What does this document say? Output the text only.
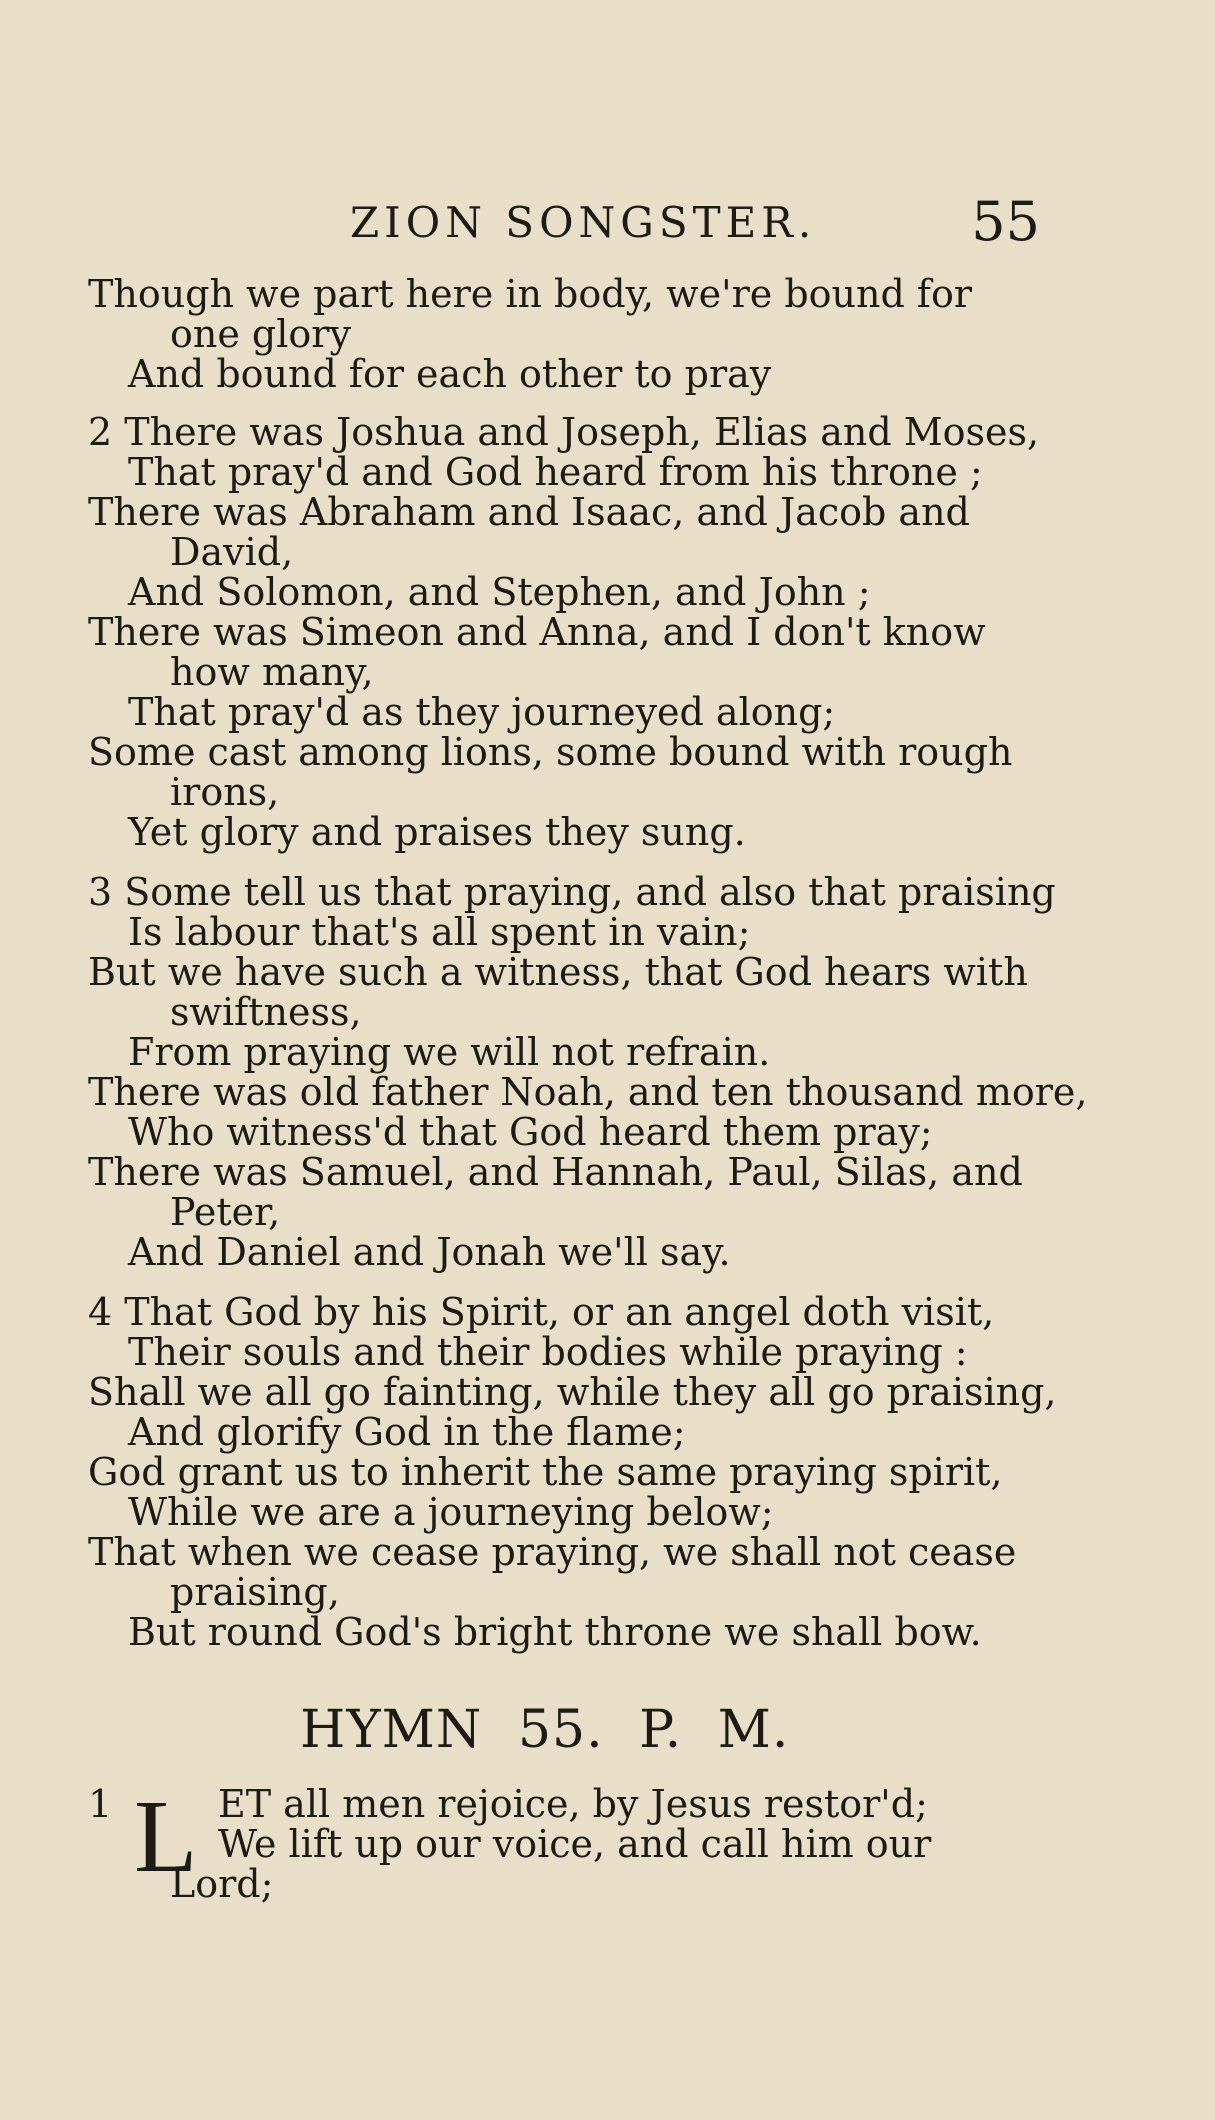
ZION SONGSTER.	55
Though we part here in body, we're bound for
one glory
And bound for each other to pray
2 There was Joshua and Joseph, Elias and Moses,
That pray'd and God heard from his throne ;
There was Abraham and Isaac, and Jacob and
David,
And Solomon, and Stephen, and John ;
There was Simeon and Anna, and I don't know
how many,
That pray'd as they journeyed along;
Some cast among lions, some bound with rough
irons,
Yet glory and praises they sung.
3 Some tell us that praying, and also that praising
Is labour that's all spent in vain;
But we have such a witness, that God hears with
swiftness,
From praying we will not refrain.
There was old father Noah, and ten thousand more,
Who witness'd that God heard them pray;
There was Samuel, and Hannah, Paul, Silas, and
Peter,
And Daniel and Jonah we'll say.
4 That God by his Spirit, or an angel doth visit,
Their souls and their bodies while praying :
Shall we all go fainting, while they all go praising,
And glorify God in the flame;
God grant us to inherit the same praying spirit,
While we are a journeying below;
That when we cease praying, we shall not cease
praising,
But round God's bright throne we shall bow.
HYMN 55. P. M.
1 L ET all men rejoice, by Jesus restor'd;
We lift up our voice, and call him our
Lord;
